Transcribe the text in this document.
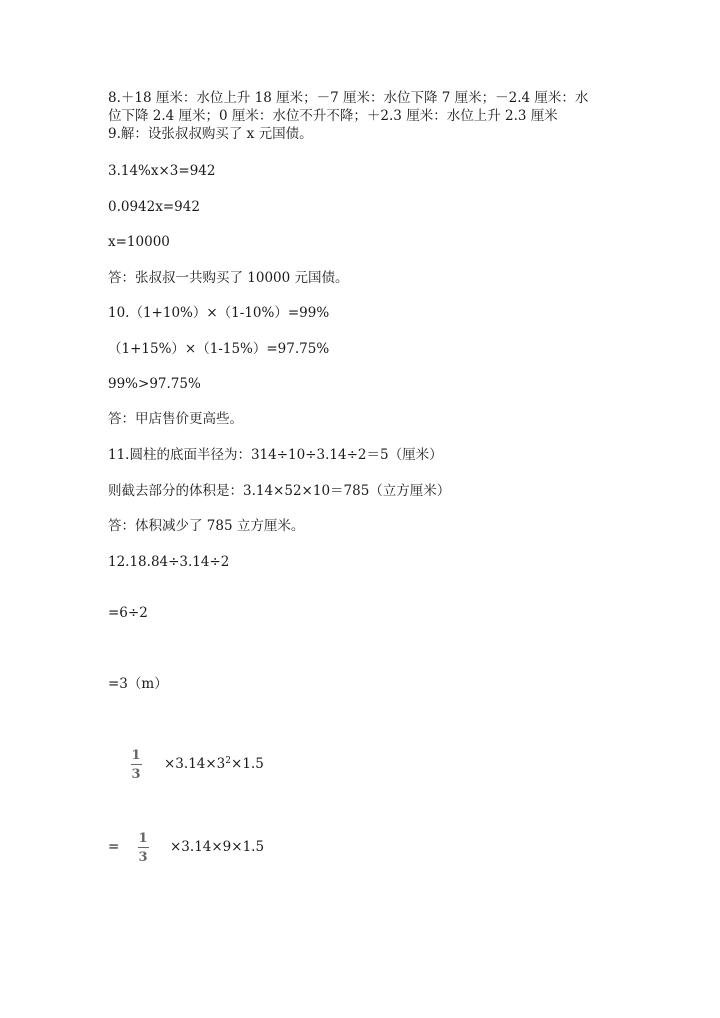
8.＋18 厘米：水位上升 18 厘米；－7 厘米：水位下降 7 厘米；－2.4 厘米：水
位下降 2.4 厘米；0 厘米：水位不升不降；＋2.3 厘米：水位上升 2.3 厘米
9.解：设张叔叔购买了 x 元国债。
3.14%x×3=942
0.0942x=942
x=10000
答：张叔叔一共购买了 10000 元国债。
10.（1+10%）×（1-10%）=99%
（1+15%）×（1-15%）=97.75%
99%>97.75%
答：甲店售价更高些。
11.圆柱的底面半径为：314÷10÷3.14÷2＝5（厘米）
则截去部分的体积是：3.14×52×10＝785（立方厘米）
答：体积减少了 785 立方厘米。
12.18.84÷3.14÷2
=6÷2
=3（m）
1
3
$\times 3.14\times 3^2\times 1.5$
=
1
3
×3.14×9×1.5
